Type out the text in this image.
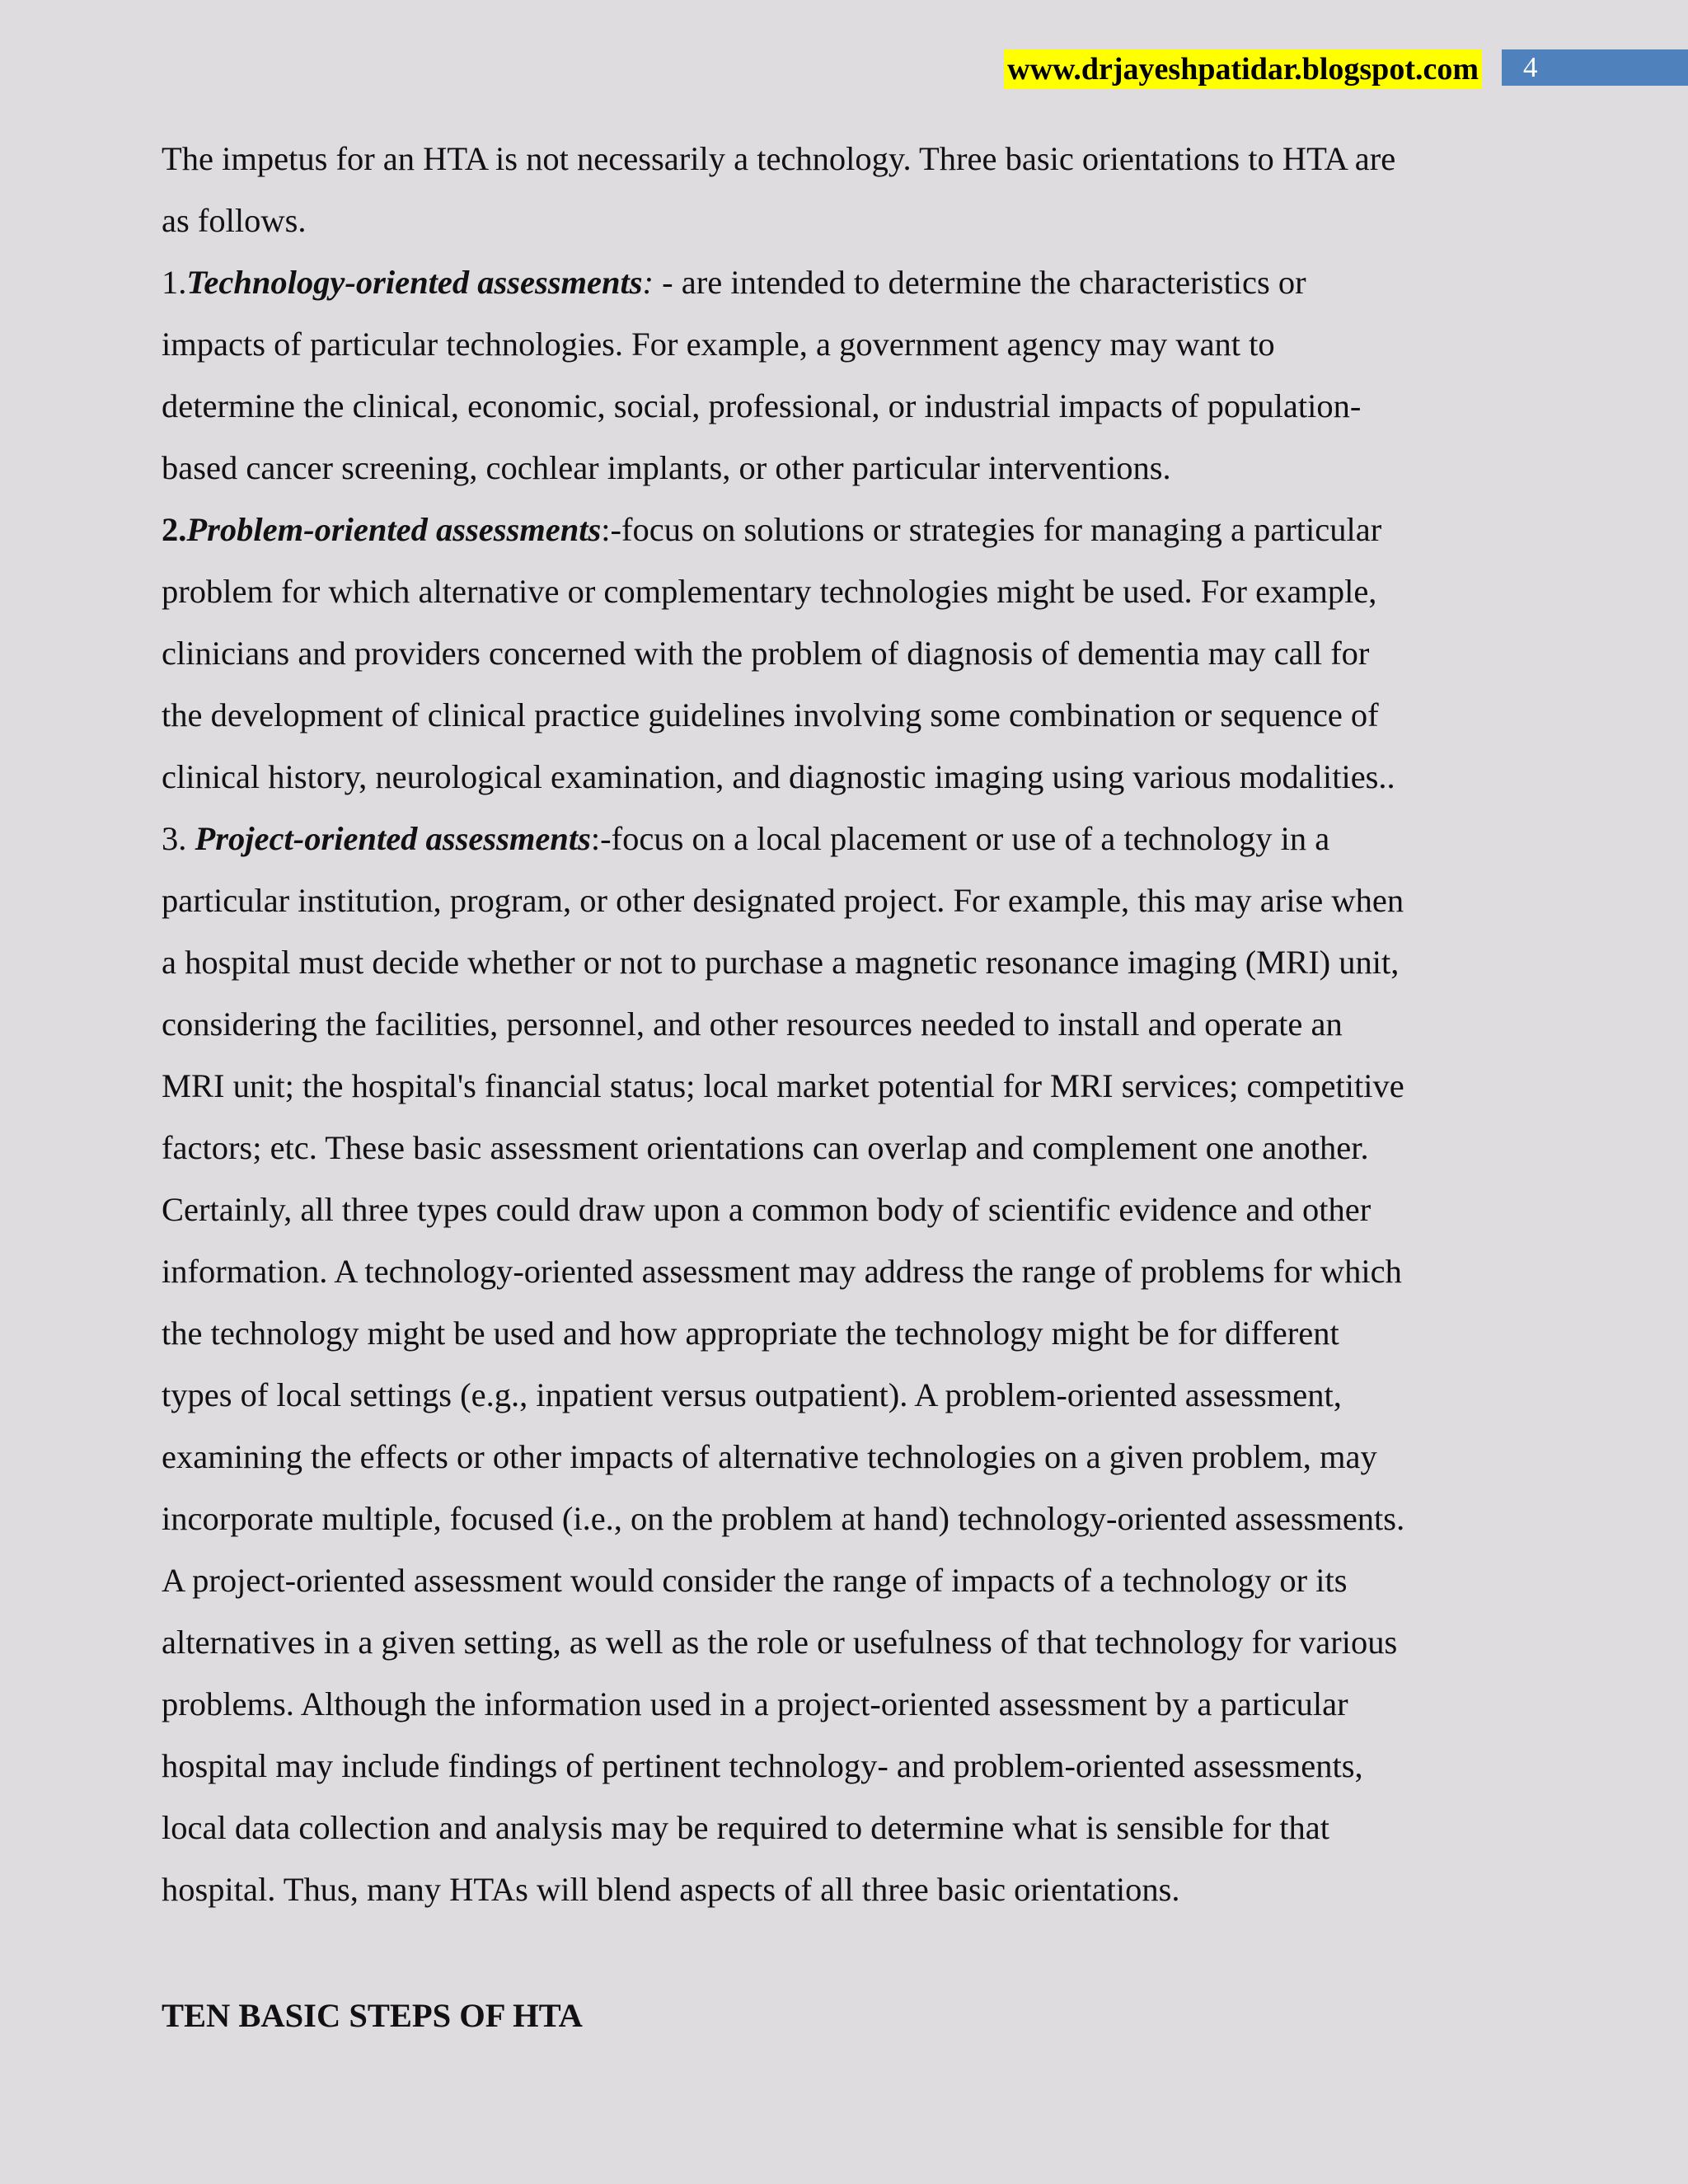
www.drjayeshpatidar.blogspot.com 4

The impetus for an HTA is not necessarily a technology. Three basic orientations to HTA are

as follows.

1.Technology-oriented assessments: - are intended to determine the characteristics or

impacts of particular technologies. For example, a government agency may want to

determine the clinical, economic, social, professional, or industrial impacts of population-

based cancer screening, cochlear implants, or other particular interventions.

2.Problem-oriented assessments:-focus on solutions or strategies for managing a particular

problem for which alternative or complementary technologies might be used. For example,

clinicians and providers concerned with the problem of diagnosis of dementia may call for

the development of clinical practice guidelines involving some combination or sequence of

clinical history, neurological examination, and diagnostic imaging using various modalities..

3. Project-oriented assessments:-focus on a local placement or use of a technology in a

particular institution, program, or other designated project. For example, this may arise when

a hospital must decide whether or not to purchase a magnetic resonance imaging (MRI) unit,

considering the facilities, personnel, and other resources needed to install and operate an

MRI unit; the hospital's financial status; local market potential for MRI services; competitive

factors; etc. These basic assessment orientations can overlap and complement one another.

Certainly, all three types could draw upon a common body of scientific evidence and other

information. A technology-oriented assessment may address the range of problems for which

the technology might be used and how appropriate the technology might be for different

types of local settings (e.g., inpatient versus outpatient). A problem-oriented assessment,

examining the effects or other impacts of alternative technologies on a given problem, may

incorporate multiple, focused (i.e., on the problem at hand) technology-oriented assessments.

A project-oriented assessment would consider the range of impacts of a technology or its

alternatives in a given setting, as well as the role or usefulness of that technology for various

problems. Although the information used in a project-oriented assessment by a particular

hospital may include findings of pertinent technology- and problem-oriented assessments,

local data collection and analysis may be required to determine what is sensible for that

hospital. Thus, many HTAs will blend aspects of all three basic orientations.

TEN BASIC STEPS OF HTA
